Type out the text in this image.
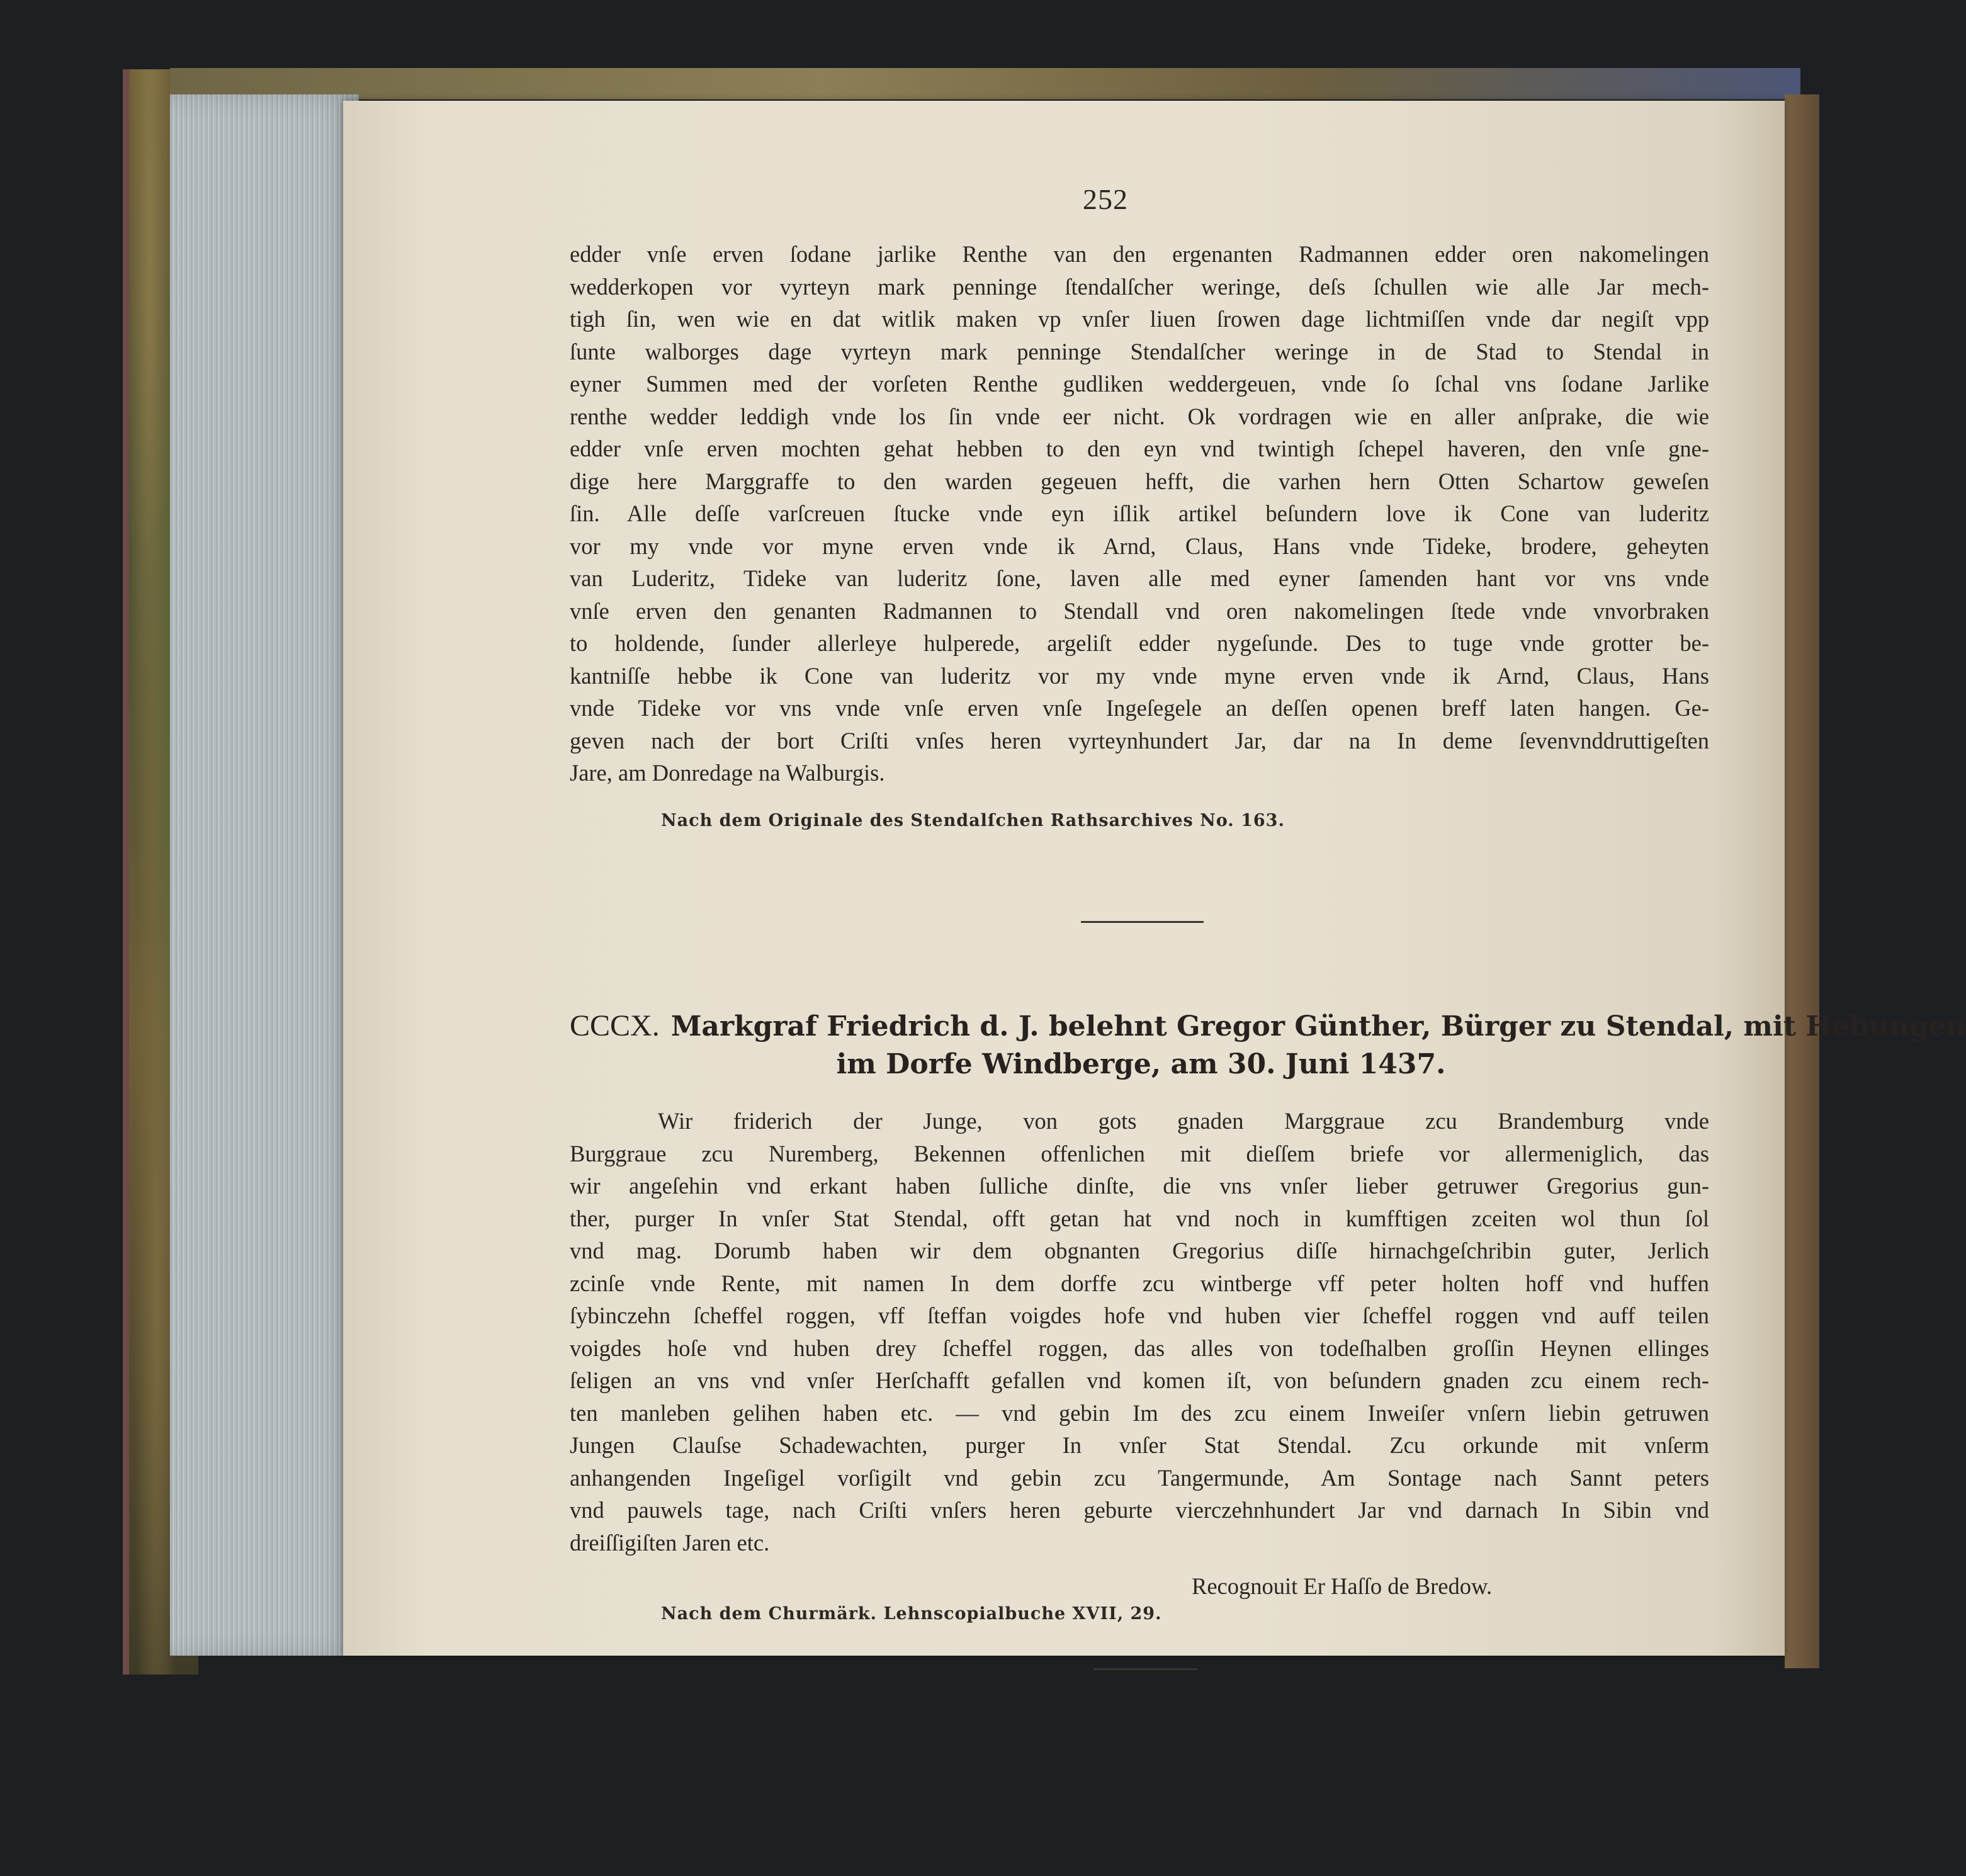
252
edder vnſe erven ſodane jarlike Renthe van den ergenanten Radmannen edder oren nakomelingen
wedderkopen vor vyrteyn mark penninge ſtendalſcher weringe, deſs ſchullen wie alle Jar mech-
tigh ſin, wen wie en dat witlik maken vp vnſer liuen ſrowen dage lichtmiſſen vnde dar negiſt vpp
ſunte walborges dage vyrteyn mark penninge Stendalſcher weringe in de Stad to Stendal in
eyner Summen med der vorſeten Renthe gudliken weddergeuen, vnde ſo ſchal vns ſodane Jarlike
renthe wedder leddigh vnde los ſin vnde eer nicht. Ok vordragen wie en aller anſprake, die wie
edder vnſe erven mochten gehat hebben to den eyn vnd twintigh ſchepel haveren, den vnſe gne-
dige here Marggraffe to den warden gegeuen hefft, die varhen hern Otten Schartow geweſen
ſin. Alle deſſe varſcreuen ſtucke vnde eyn iſlik artikel beſundern love ik Cone van luderitz
vor my vnde vor myne erven vnde ik Arnd, Claus, Hans vnde Tideke, brodere, geheyten
van Luderitz, Tideke van luderitz ſone, laven alle med eyner ſamenden hant vor vns vnde
vnſe erven den genanten Radmannen to Stendall vnd oren nakomelingen ſtede vnde vnvorbraken
to holdende, ſunder allerleye hulperede, argeliſt edder nygeſunde. Des to tuge vnde grotter be-
kantniſſe hebbe ik Cone van luderitz vor my vnde myne erven vnde ik Arnd, Claus, Hans
vnde Tideke vor vns vnde vnſe erven vnſe Ingeſegele an deſſen openen breff laten hangen. Ge-
geven nach der bort Criſti vnſes heren vyrteynhundert Jar, dar na In deme ſevenvnddruttigeſten
Jare, am Donredage na Walburgis.
Nach dem Originale des Stendalſchen Rathsarchives No. 163.
CCCX. Markgraf Friedrich d. J. belehnt Gregor Günther, Bürger zu Stendal, mit Hebungen
im Dorfe Windberge, am 30. Juni 1437.
Wir friderich der Junge, von gots gnaden Marggraue zcu Brandemburg vnde
Burggraue zcu Nuremberg, Bekennen offenlichen mit dieſſem briefe vor allermeniglich, das
wir angeſehin vnd erkant haben ſulliche dinſte, die vns vnſer lieber getruwer Gregorius gun-
ther, purger In vnſer Stat Stendal, offt getan hat vnd noch in kumfftigen zceiten wol thun ſol
vnd mag. Dorumb haben wir dem obgnanten Gregorius diſſe hirnachgeſchribin guter, Jerlich
zcinſe vnde Rente, mit namen In dem dorffe zcu wintberge vff peter holten hoff vnd huffen
ſybinczehn ſcheffel roggen, vff ſteffan voigdes hofe vnd huben vier ſcheffel roggen vnd auff teilen
voigdes hoſe vnd huben drey ſcheffel roggen, das alles von todeſhalben groſſin Heynen ellinges
ſeligen an vns vnd vnſer Herſchafft gefallen vnd komen iſt, von beſundern gnaden zcu einem rech-
ten manleben gelihen haben etc. — vnd gebin Im des zcu einem Inweiſer vnſern liebin getruwen
Jungen Clauſse Schadewachten, purger In vnſer Stat Stendal. Zcu orkunde mit vnſerm
anhangenden Ingeſigel vorſigilt vnd gebin zcu Tangermunde, Am Sontage nach Sannt peters
vnd pauwels tage, nach Criſti vnſers heren geburte vierczehnhundert Jar vnd darnach In Sibin vnd
dreiſſigiſten Jaren etc.
Recognouit Er Haſſo de Bredow.
Nach dem Churmärk. Lehnscopialbuche XVII, 29.
